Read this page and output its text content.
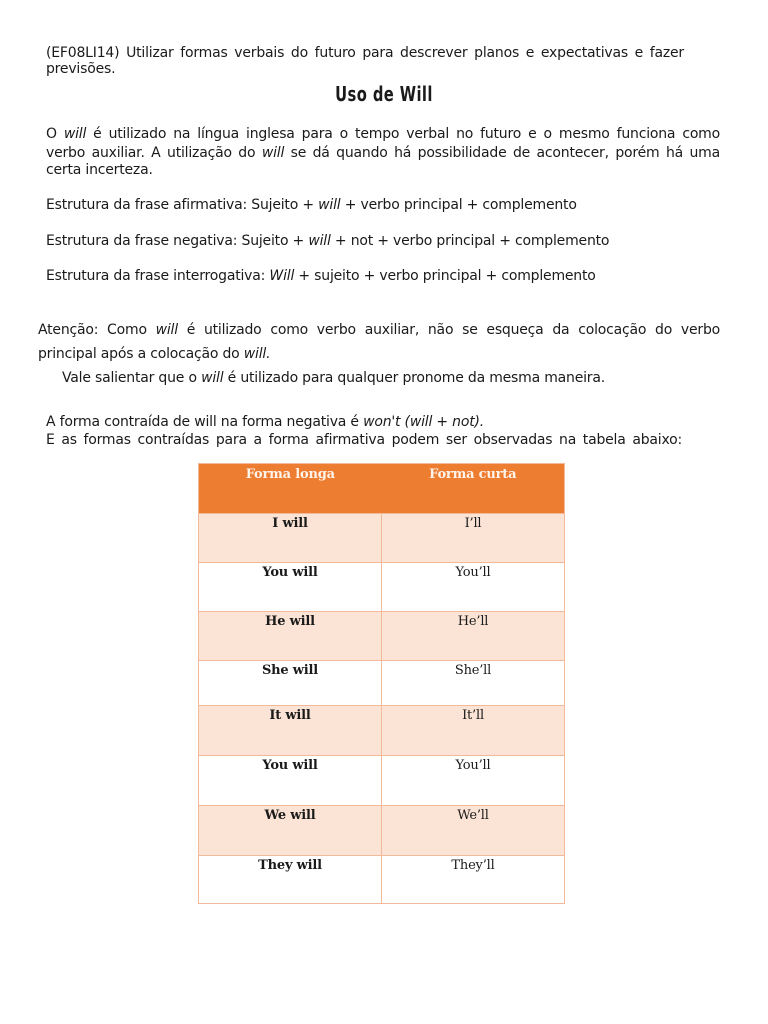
(EF08LI14) Utilizar formas verbais do futuro para descrever planos e expectativas e fazer
previsões.
Uso de Will
O will é utilizado na língua inglesa para o tempo verbal no futuro e o mesmo funciona como
verbo auxiliar. A utilização do will se dá quando há possibilidade de acontecer, porém há uma
certa incerteza.
Estrutura da frase afirmativa: Sujeito + will + verbo principal + complemento
Estrutura da frase negativa: Sujeito + will + not + verbo principal + complemento
Estrutura da frase interrogativa: Will + sujeito + verbo principal + complemento
Atenção: Como will é utilizado como verbo auxiliar, não se esqueça da colocação do verbo
principal após a colocação do will.
Vale salientar que o will é utilizado para qualquer pronome da mesma maneira.
A forma contraída de will na forma negativa é won't (will + not).
E as formas contraídas para a forma afirmativa podem ser observadas na tabela abaixo:
Forma longa	Forma curta
I will	I’ll
You will	You’ll
He will	He’ll
She will	She’ll
It will	It’ll
You will	You’ll
We will	We’ll
They will	They’ll
